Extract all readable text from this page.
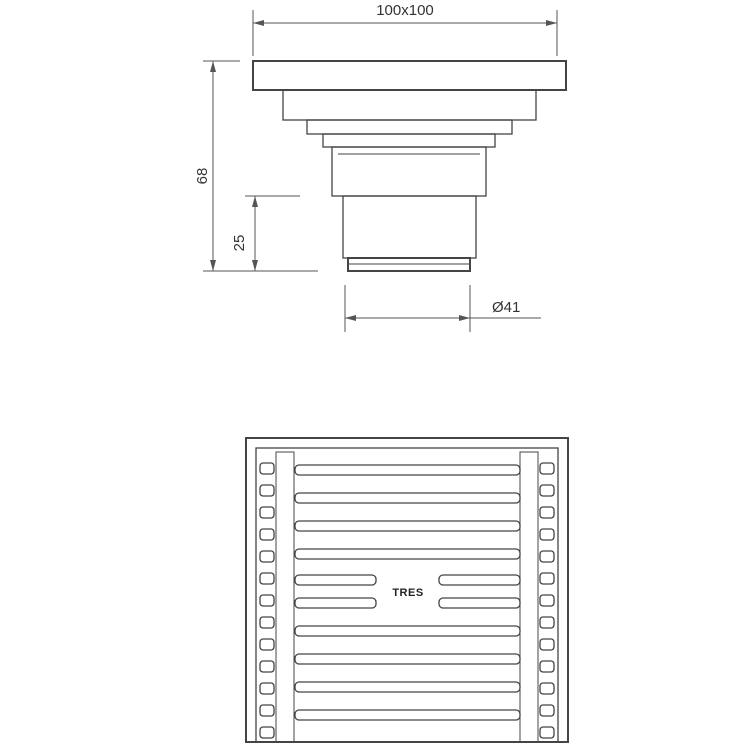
100x100
68
25
Ø41
TRES
